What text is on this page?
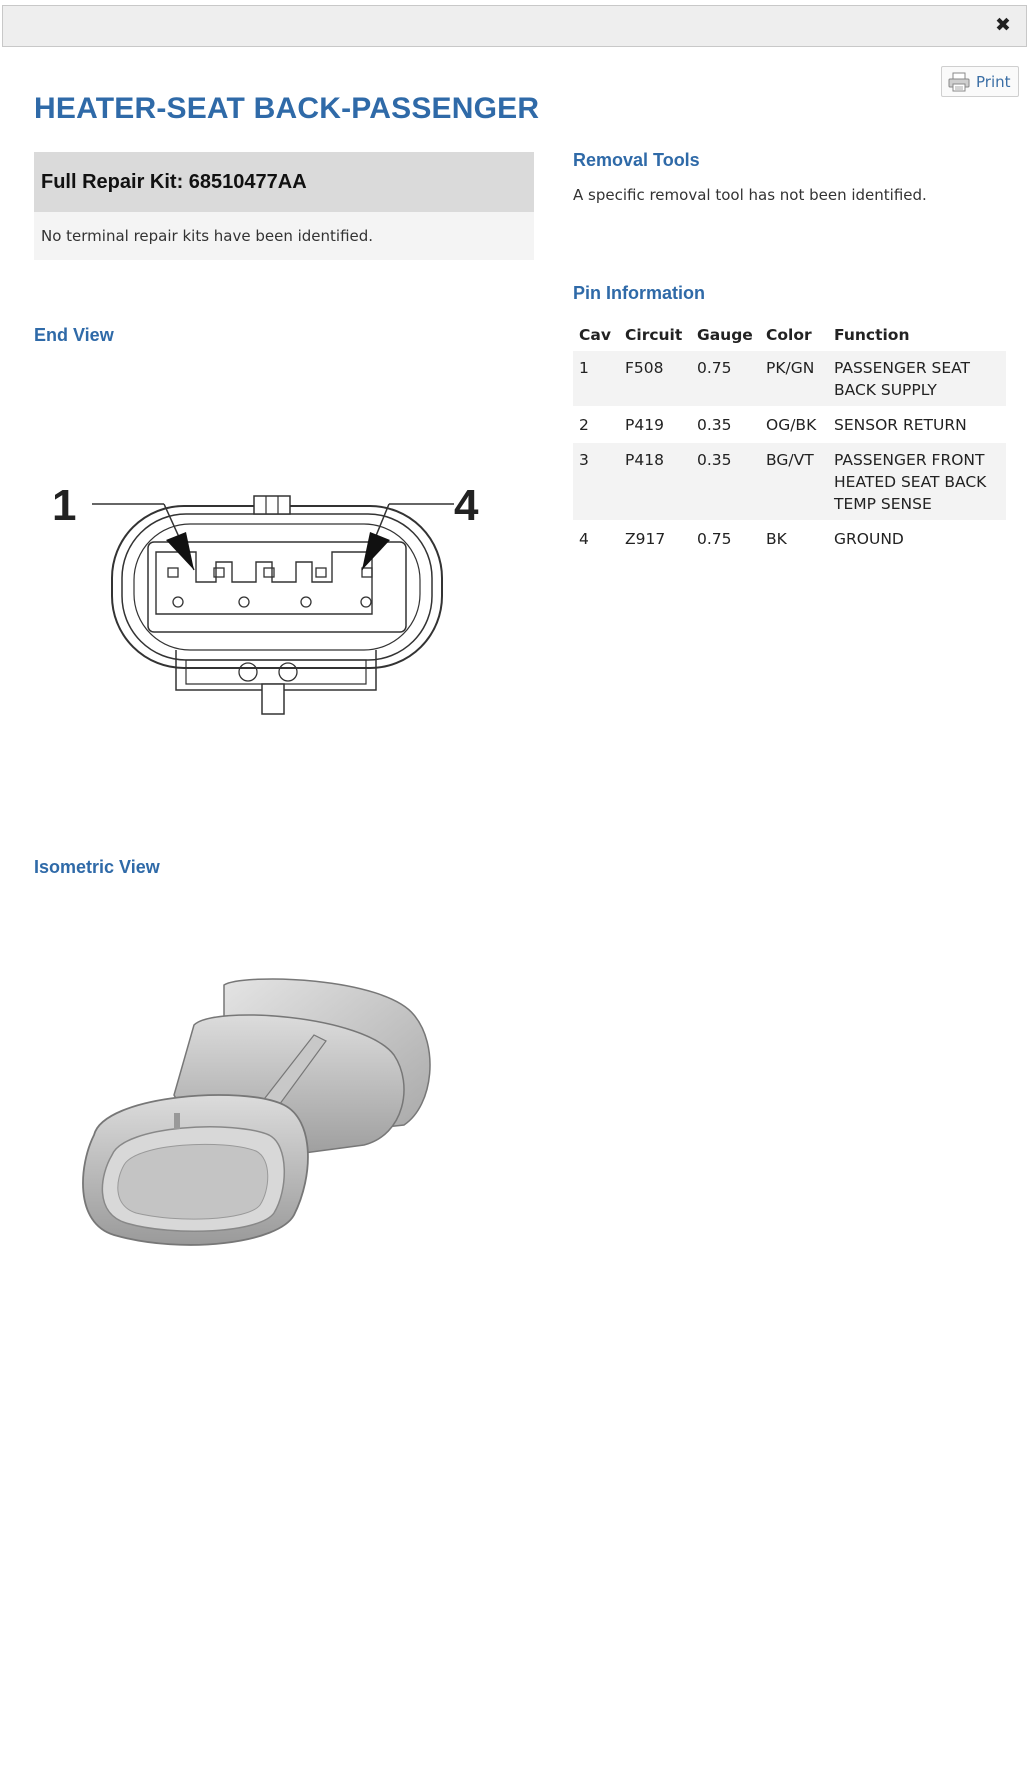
✖
Print
HEATER-SEAT BACK-PASSENGER
Full Repair Kit: 68510477AA
No terminal repair kits have been identified.
Removal Tools
A specific removal tool has not been identified.
Pin Information
Cav	Circuit	Gauge	Color	Function
1	F508	0.75	PK/GN	PASSENGER SEAT
BACK SUPPLY

2	P419	0.35	OG/BK	SENSOR RETURN

3	P418	0.35	BG/VT	PASSENGER FRONT
HEATED SEAT BACK
TEMP SENSE

4	Z917	0.75	BK	GROUND
End View
1	4
Isometric View
